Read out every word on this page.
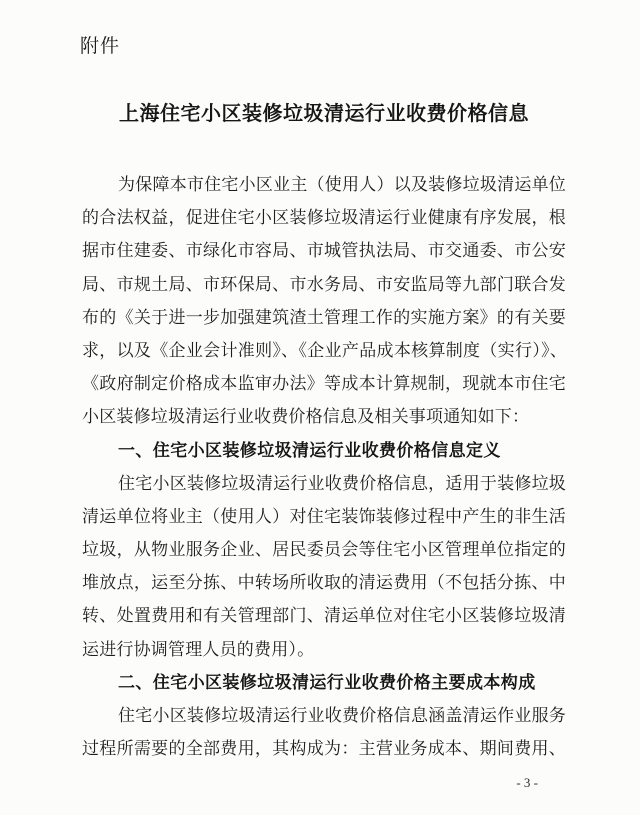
附件
上海住宅小区装修垃圾清运行业收费价格信息
为保障本市住宅小区业主（使用人）以及装修垃圾清运单位
的合法权益，促进住宅小区装修垃圾清运行业健康有序发展，根
据市住建委、市绿化市容局、市城管执法局、市交通委、市公安
局、市规土局、市环保局、市水务局、市安监局等九部门联合发
布的《关于进一步加强建筑渣土管理工作的实施方案》的有关要
求，以及《企业会计准则》、《企业产品成本核算制度（实行）》、
《政府制定价格成本监审办法》等成本计算规制，现就本市住宅
小区装修垃圾清运行业收费价格信息及相关事项通知如下：
一、住宅小区装修垃圾清运行业收费价格信息定义
住宅小区装修垃圾清运行业收费价格信息，适用于装修垃圾
清运单位将业主（使用人）对住宅装饰装修过程中产生的非生活
垃圾，从物业服务企业、居民委员会等住宅小区管理单位指定的
堆放点，运至分拣、中转场所收取的清运费用（不包括分拣、中
转、处置费用和有关管理部门、清运单位对住宅小区装修垃圾清
运进行协调管理人员的费用）。
二、住宅小区装修垃圾清运行业收费价格主要成本构成
住宅小区装修垃圾清运行业收费价格信息涵盖清运作业服务
过程所需要的全部费用，其构成为：主营业务成本、期间费用、
- 3 -
